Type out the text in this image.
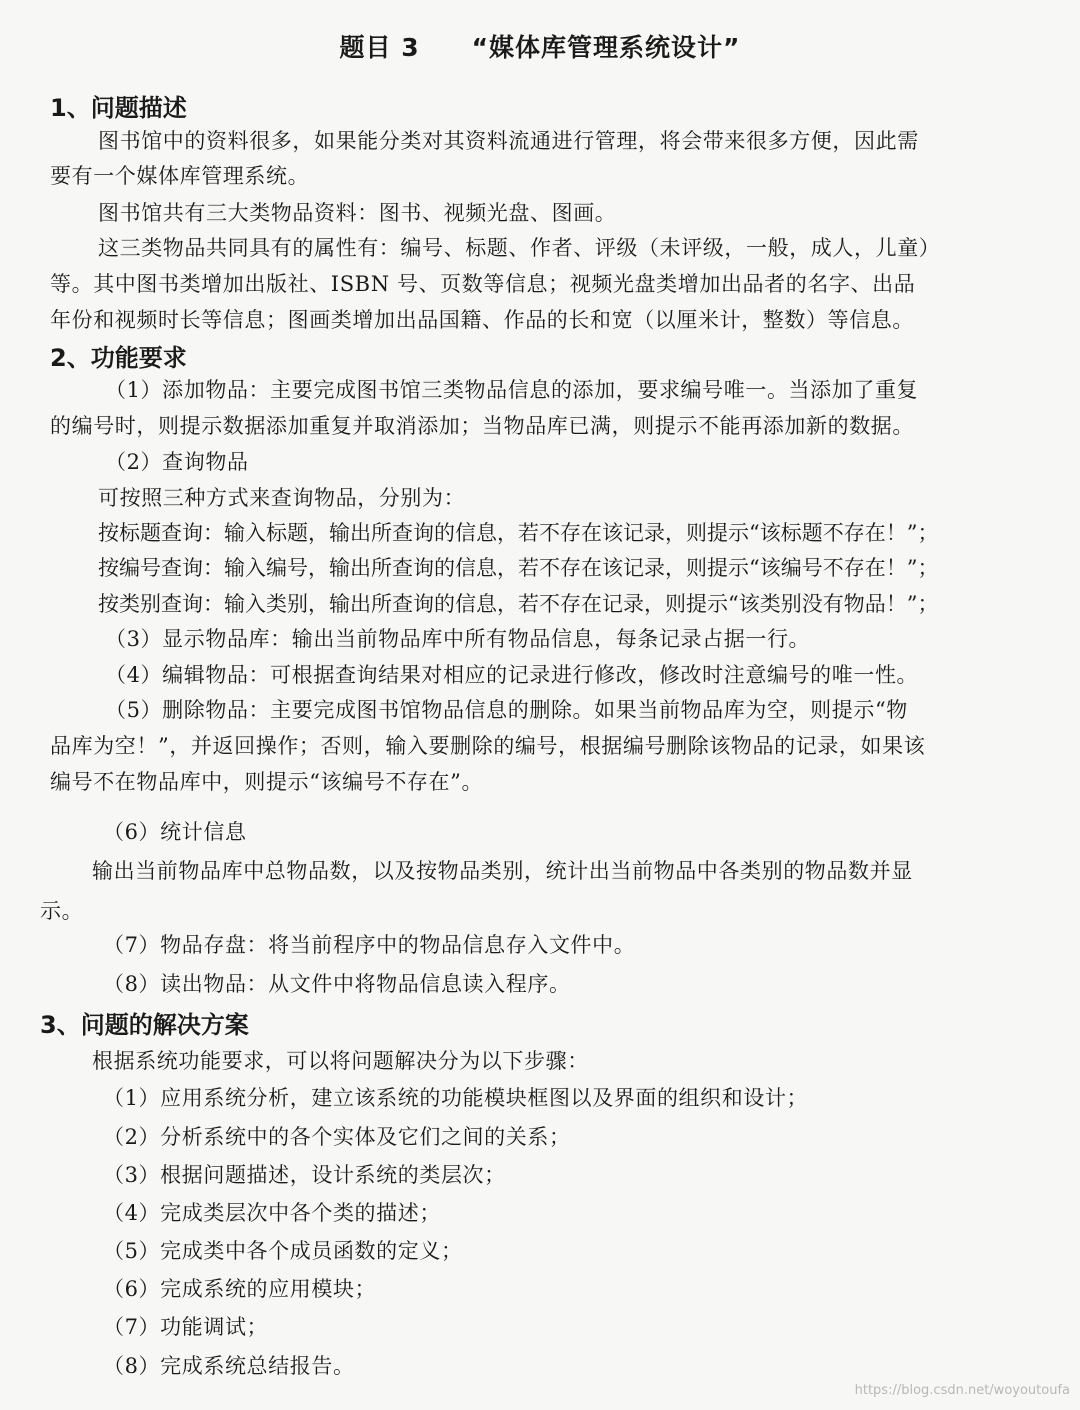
题目 3 “媒体库管理系统设计”
1、问题描述
图书馆中的资料很多，如果能分类对其资料流通进行管理，将会带来很多方便，因此需
要有一个媒体库管理系统。
图书馆共有三大类物品资料：图书、视频光盘、图画。
这三类物品共同具有的属性有：编号、标题、作者、评级（未评级，一般，成人，儿童）
等。其中图书类增加出版社、ISBN 号、页数等信息；视频光盘类增加出品者的名字、出品
年份和视频时长等信息；图画类增加出品国籍、作品的长和宽（以厘米计，整数）等信息。
2、功能要求
（1）添加物品：主要完成图书馆三类物品信息的添加，要求编号唯一。当添加了重复
的编号时，则提示数据添加重复并取消添加；当物品库已满，则提示不能再添加新的数据。
（2）查询物品
可按照三种方式来查询物品，分别为：
按标题查询：输入标题，输出所查询的信息，若不存在该记录，则提示“该标题不存在！”；
按编号查询：输入编号，输出所查询的信息，若不存在该记录，则提示“该编号不存在！”；
按类别查询：输入类别，输出所查询的信息，若不存在记录，则提示“该类别没有物品！”；
（3）显示物品库：输出当前物品库中所有物品信息，每条记录占据一行。
（4）编辑物品：可根据查询结果对相应的记录进行修改，修改时注意编号的唯一性。
（5）删除物品：主要完成图书馆物品信息的删除。如果当前物品库为空，则提示“物
品库为空！”，并返回操作；否则，输入要删除的编号，根据编号删除该物品的记录，如果该
编号不在物品库中，则提示“该编号不存在”。
（6）统计信息
输出当前物品库中总物品数，以及按物品类别，统计出当前物品中各类别的物品数并显
示。
（7）物品存盘：将当前程序中的物品信息存入文件中。
（8）读出物品：从文件中将物品信息读入程序。
3、问题的解决方案
根据系统功能要求，可以将问题解决分为以下步骤：
（1）应用系统分析，建立该系统的功能模块框图以及界面的组织和设计；
（2）分析系统中的各个实体及它们之间的关系；
（3）根据问题描述，设计系统的类层次；
（4）完成类层次中各个类的描述；
（5）完成类中各个成员函数的定义；
（6）完成系统的应用模块；
（7）功能调试；
（8）完成系统总结报告。
https://blog.csdn.net/woyoutoufa
